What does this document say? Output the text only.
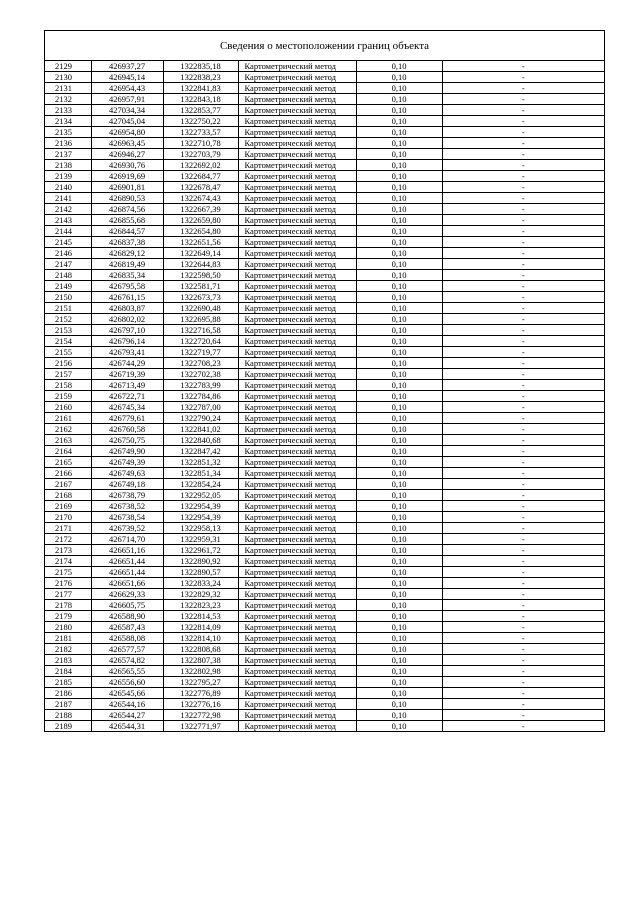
Сведения о местоположении границ объекта
2129	426937,27	1322835,18	Картометрический метод	0,10	-
2130	426945,14	1322838,23	Картометрический метод	0,10	-
2131	426954,43	1322841,83	Картометрический метод	0,10	-
2132	426957,91	1322843,18	Картометрический метод	0,10	-
2133	427034,34	1322853,77	Картометрический метод	0,10	-
2134	427045,04	1322750,22	Картометрический метод	0,10	-
2135	426954,80	1322733,57	Картометрический метод	0,10	-
2136	426963,45	1322710,78	Картометрический метод	0,10	-
2137	426946,27	1322703,79	Картометрический метод	0,10	-
2138	426930,76	1322692,02	Картометрический метод	0,10	-
2139	426919,69	1322684,77	Картометрический метод	0,10	-
2140	426901,81	1322678,47	Картометрический метод	0,10	-
2141	426890,53	1322674,43	Картометрический метод	0,10	-
2142	426874,56	1322667,39	Картометрический метод	0,10	-
2143	426855,68	1322659,80	Картометрический метод	0,10	-
2144	426844,57	1322654,80	Картометрический метод	0,10	-
2145	426837,38	1322651,56	Картометрический метод	0,10	-
2146	426829,12	1322649,14	Картометрический метод	0,10	-
2147	426819,49	1322644,83	Картометрический метод	0,10	-
2148	426835,34	1322598,50	Картометрический метод	0,10	-
2149	426795,58	1322581,71	Картометрический метод	0,10	-
2150	426761,15	1322673,73	Картометрический метод	0,10	-
2151	426803,87	1322690,48	Картометрический метод	0,10	-
2152	426802,02	1322695,88	Картометрический метод	0,10	-
2153	426797,10	1322716,58	Картометрический метод	0,10	-
2154	426796,14	1322720,64	Картометрический метод	0,10	-
2155	426793,41	1322719,77	Картометрический метод	0,10	-
2156	426744,29	1322708,23	Картометрический метод	0,10	-
2157	426719,39	1322702,38	Картометрический метод	0,10	-
2158	426713,49	1322783,99	Картометрический метод	0,10	-
2159	426722,71	1322784,86	Картометрический метод	0,10	-
2160	426745,34	1322787,00	Картометрический метод	0,10	-
2161	426779,61	1322790,24	Картометрический метод	0,10	-
2162	426760,58	1322841,02	Картометрический метод	0,10	-
2163	426750,75	1322840,68	Картометрический метод	0,10	-
2164	426749,90	1322847,42	Картометрический метод	0,10	-
2165	426749,39	1322851,32	Картометрический метод	0,10	-
2166	426749,63	1322851,34	Картометрический метод	0,10	-
2167	426749,18	1322854,24	Картометрический метод	0,10	-
2168	426738,79	1322952,05	Картометрический метод	0,10	-
2169	426738,52	1322954,39	Картометрический метод	0,10	-
2170	426738,54	1322954,39	Картометрический метод	0,10	-
2171	426739,52	1322958,13	Картометрический метод	0,10	-
2172	426714,70	1322959,31	Картометрический метод	0,10	-
2173	426651,16	1322961,72	Картометрический метод	0,10	-
2174	426651,44	1322890,92	Картометрический метод	0,10	-
2175	426651,44	1322890,57	Картометрический метод	0,10	-
2176	426651,66	1322833,24	Картометрический метод	0,10	-
2177	426629,33	1322829,32	Картометрический метод	0,10	-
2178	426605,75	1322823,23	Картометрический метод	0,10	-
2179	426588,90	1322814,53	Картометрический метод	0,10	-
2180	426587,43	1322814,09	Картометрический метод	0,10	-
2181	426588,08	1322814,10	Картометрический метод	0,10	-
2182	426577,57	1322808,68	Картометрический метод	0,10	-
2183	426574,82	1322807,38	Картометрический метод	0,10	-
2184	426565,55	1322802,98	Картометрический метод	0,10	-
2185	426556,60	1322795,27	Картометрический метод	0,10	-
2186	426545,66	1322776,89	Картометрический метод	0,10	-
2187	426544,16	1322776,16	Картометрический метод	0,10	-
2188	426544,27	1322772,98	Картометрический метод	0,10	-
2189	426544,31	1322771,97	Картометрический метод	0,10	-
